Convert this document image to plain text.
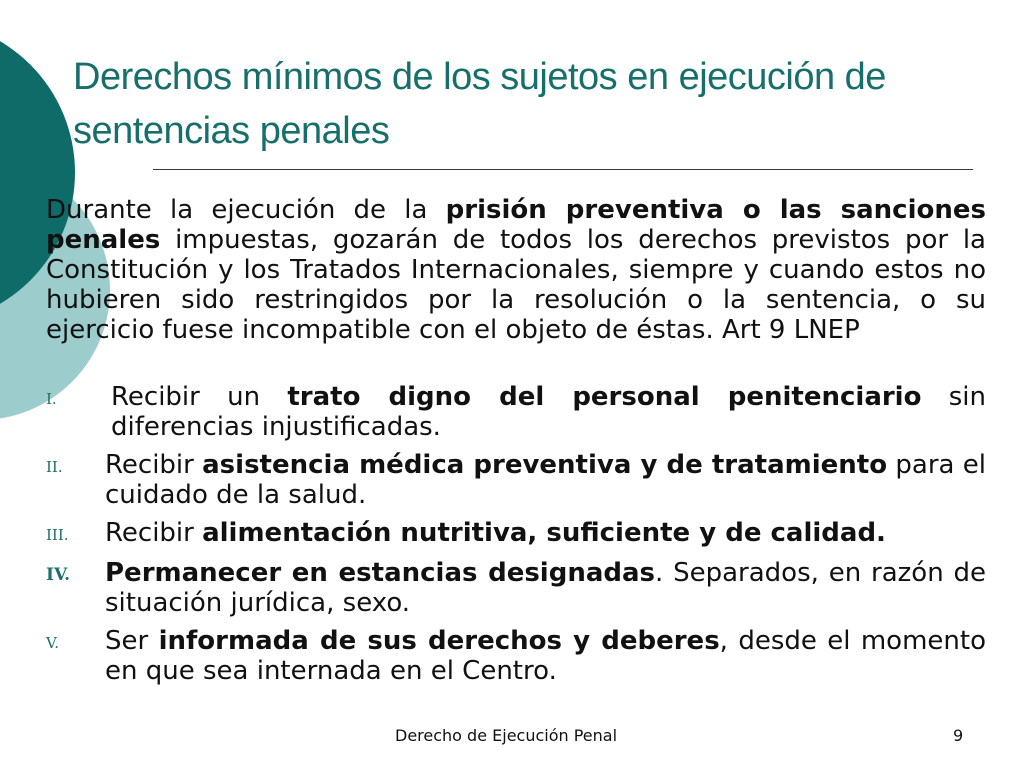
Derechos mínimos de los sujetos en ejecución de sentencias penales

Durante la ejecución de la prisión preventiva o las sanciones penales impuestas, gozarán de todos los derechos previstos por la Constitución y los Tratados Internacionales, siempre y cuando estos no hubieren sido restringidos por la resolución o la sentencia, o su ejercicio fuese incompatible con el objeto de éstas. Art 9 LNEP

I.	Recibir un trato digno del personal penitenciario sin diferencias injustificadas.
II.	Recibir asistencia médica preventiva y de tratamiento para el cuidado de la salud.
III.	Recibir alimentación nutritiva, suficiente y de calidad.
IV.	Permanecer en estancias designadas. Separados, en razón de situación jurídica, sexo.
V.	Ser informada de sus derechos y deberes, desde el momento en que sea internada en el Centro.
Derecho de Ejecución Penal	9
